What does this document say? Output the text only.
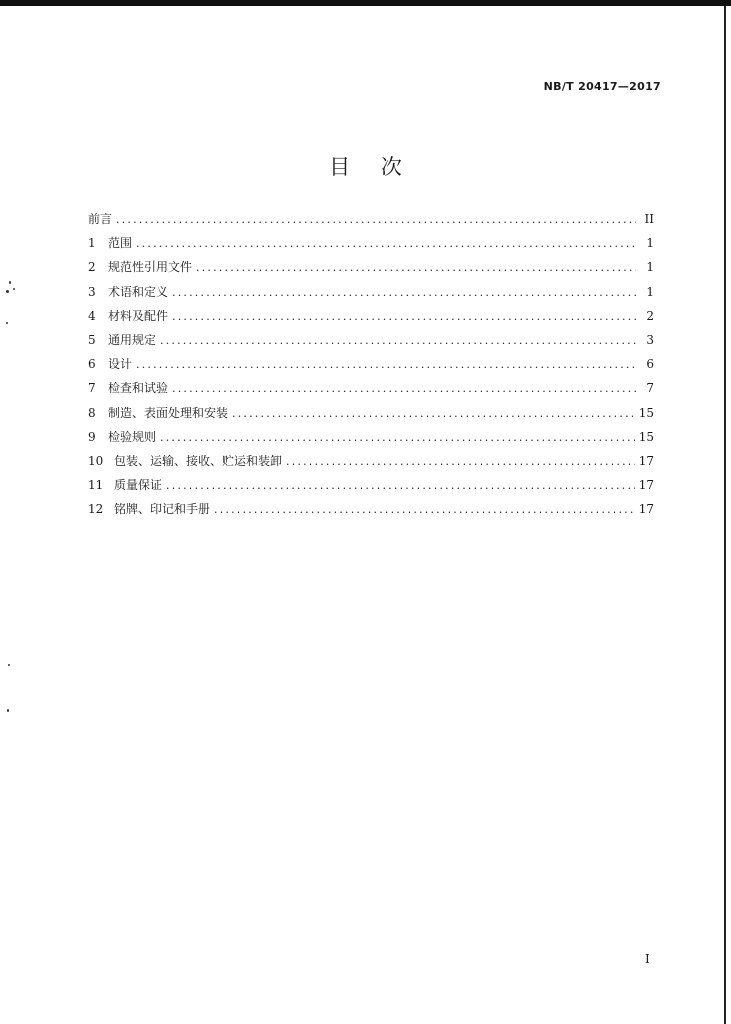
NB/T 20417—2017
目 次
前言 .....	II
1	范围 .....	1
2	规范性引用文件 .....	1
3	术语和定义 .....	1
4	材料及配件 .....	2
5	通用规定 .....	3
6	设计 .....	6
7	检查和试验 .....	7
8	制造、表面处理和安装 .....	15
9	检验规则 .....	15
10 包装、运输、接收、贮运和装卸 .....	17
11 质量保证 .....	17
12 铭牌、印记和手册 .....	17
I
